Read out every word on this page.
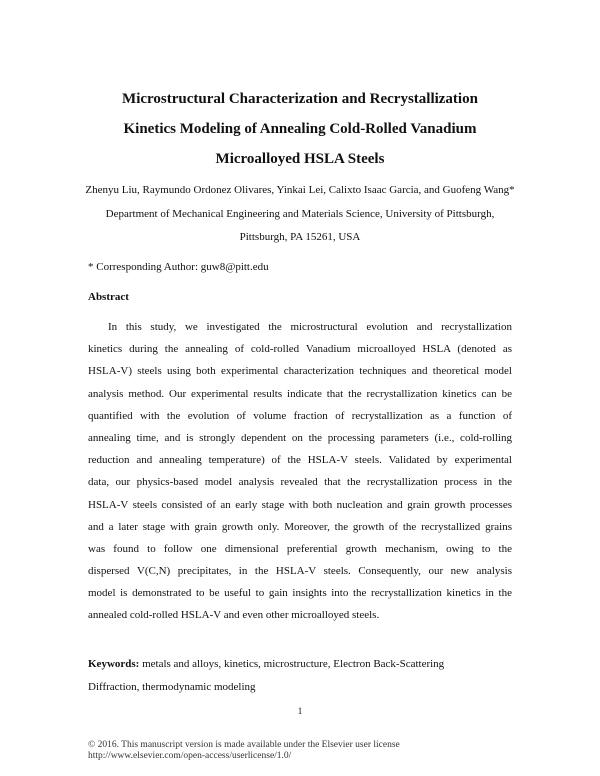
Microstructural Characterization and Recrystallization
Kinetics Modeling of Annealing Cold-Rolled Vanadium
Microalloyed HSLA Steels
Zhenyu Liu, Raymundo Ordonez Olivares, Yinkai Lei, Calixto Isaac Garcia, and Guofeng Wang*
Department of Mechanical Engineering and Materials Science, University of Pittsburgh,
Pittsburgh, PA 15261, USA
* Corresponding Author: guw8@pitt.edu
Abstract

In this study, we investigated the microstructural evolution and recrystallization
kinetics during the annealing of cold-rolled Vanadium microalloyed HSLA (denoted as
HSLA-V) steels using both experimental characterization techniques and theoretical model
analysis method. Our experimental results indicate that the recrystallization kinetics can be
quantified with the evolution of volume fraction of recrystallization as a function of
annealing time, and is strongly dependent on the processing parameters (i.e., cold-rolling
reduction and annealing temperature) of the HSLA-V steels. Validated by experimental
data, our physics-based model analysis revealed that the recrystallization process in the
HSLA-V steels consisted of an early stage with both nucleation and grain growth processes
and a later stage with grain growth only. Moreover, the growth of the recrystallized grains
was found to follow one dimensional preferential growth mechanism, owing to the
dispersed V(C,N) precipitates, in the HSLA-V steels. Consequently, our new analysis
model is demonstrated to be useful to gain insights into the recrystallization kinetics in the
annealed cold-rolled HSLA-V and even other microalloyed steels.

Keywords: metals and alloys, kinetics, microstructure, Electron Back-Scattering
Diffraction, thermodynamic modeling
1
© 2016. This manuscript version is made available under the Elsevier user license
http://www.elsevier.com/open-access/userlicense/1.0/
